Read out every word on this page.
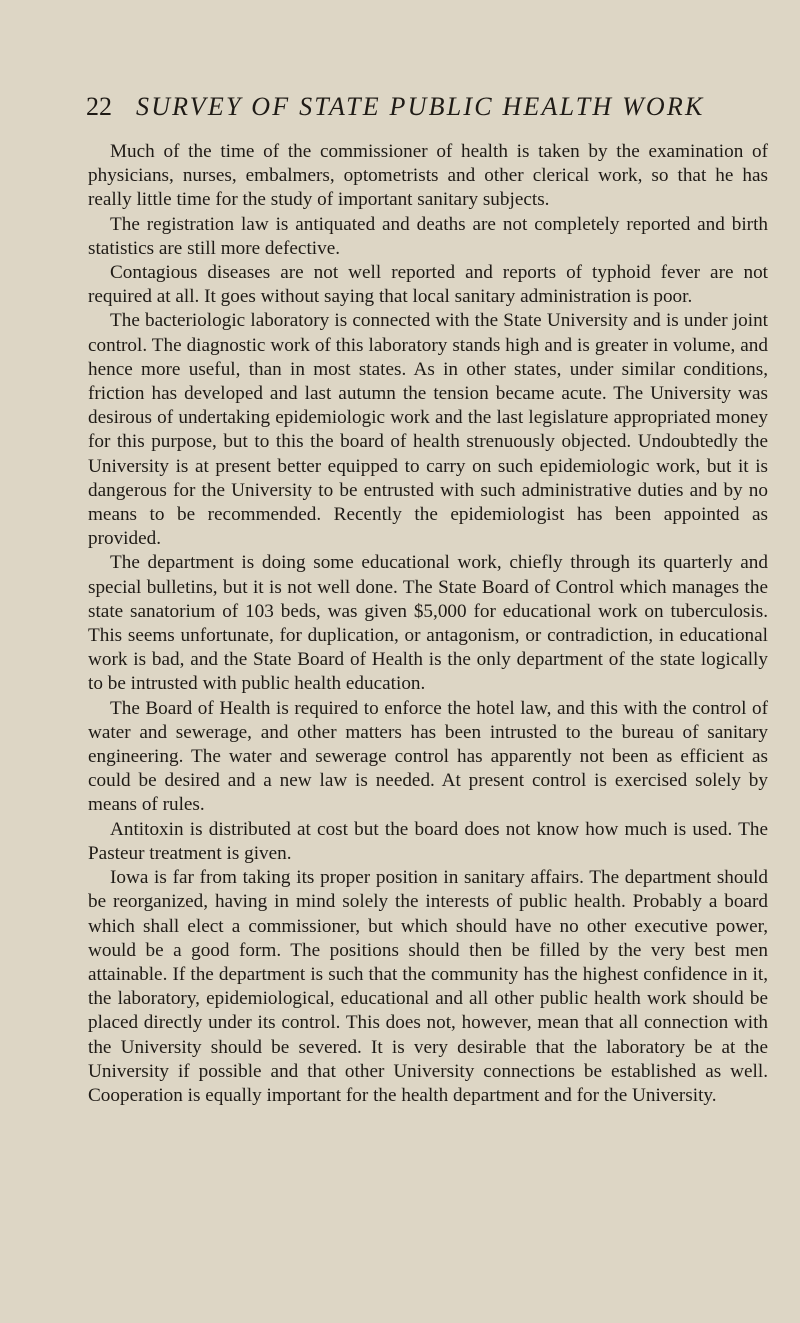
22 SURVEY OF STATE PUBLIC HEALTH WORK

Much of the time of the commissioner of health is taken by the examination of physicians, nurses, embalmers, optometrists and other clerical work, so that he has really little time for the study of important sanitary subjects.

The registration law is antiquated and deaths are not completely reported and birth statistics are still more defective.

Contagious diseases are not well reported and reports of typhoid fever are not required at all. It goes without saying that local sanitary administration is poor.

The bacteriologic laboratory is connected with the State University and is under joint control. The diagnostic work of this laboratory stands high and is greater in volume, and hence more useful, than in most states. As in other states, under similar conditions, friction has developed and last autumn the tension became acute. The University was desirous of undertaking epidemiologic work and the last legislature appropriated money for this purpose, but to this the board of health strenuously objected. Undoubtedly the University is at present better equipped to carry on such epidemiologic work, but it is dangerous for the University to be entrusted with such administrative duties and by no means to be recommended. Recently the epidemiologist has been appointed as provided.

The department is doing some educational work, chiefly through its quarterly and special bulletins, but it is not well done. The State Board of Control which manages the state sanatorium of 103 beds, was given $5,000 for educational work on tuberculosis. This seems unfortunate, for duplication, or antagonism, or contradiction, in educational work is bad, and the State Board of Health is the only department of the state logically to be intrusted with public health education.

The Board of Health is required to enforce the hotel law, and this with the control of water and sewerage, and other matters has been intrusted to the bureau of sanitary engineering. The water and sewerage control has apparently not been as efficient as could be desired and a new law is needed. At present control is exercised solely by means of rules.

Antitoxin is distributed at cost but the board does not know how much is used. The Pasteur treatment is given.

Iowa is far from taking its proper position in sanitary affairs. The department should be reorganized, having in mind solely the interests of public health. Probably a board which shall elect a commissioner, but which should have no other executive power, would be a good form. The positions should then be filled by the very best men attainable. If the department is such that the community has the highest confidence in it, the laboratory, epidemiological, educational and all other public health work should be placed directly under its control. This does not, however, mean that all connection with the University should be severed. It is very desirable that the laboratory be at the University if possible and that other University connections be established as well. Cooperation is equally important for the health department and for the University.
